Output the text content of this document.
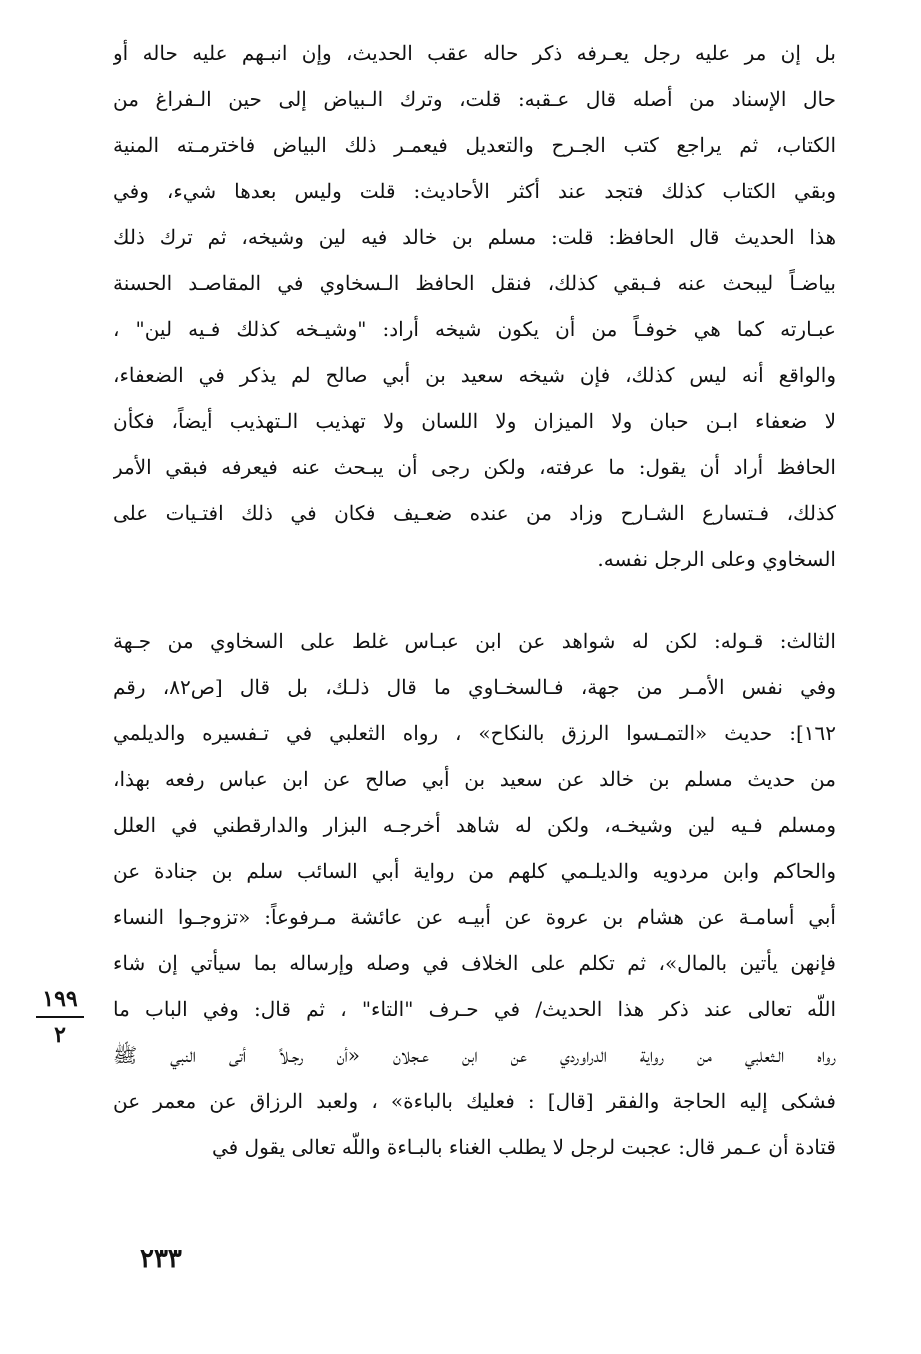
بل إن مر عليه رجل يعـرفه ذكر حاله عقب الحديث، وإن انبـهم عليه حاله أو
حال الإسناد من أصله قال عـقبه: قلت، وترك الـبياض إلى حين الـفراغ من
الكتاب، ثم يراجع كتب الجـرح والتعديل فيعمـر ذلك البياض فاخترمـته المنية
وبقي الكتاب كذلك فتجد عند أكثر الأحاديث: قلت وليس بعدها شيء، وفي
هذا الحديث قال الحافظ: قلت: مسلم بن خالد فيه لين وشيخه، ثم ترك ذلك
بياضـاً ليبحث عنه فـبقي كذلك، فنقل الحافظ الـسخاوي في المقاصـد الحسنة
عبـارته كما هي خوفـاً من أن يكون شيخه أراد: "وشيـخه كذلك فـيه لين" ،
والواقع أنه ليس كذلك، فإن شيخه سعيد بن أبي صالح لم يذكر في الضعفاء،
لا ضعفاء ابـن حبان ولا الميزان ولا اللسان ولا تهذيب الـتهذيب أيضاً، فكأن
الحافظ أراد أن يقول: ما عرفته، ولكن رجى أن يبـحث عنه فيعرفه فبقي الأمر
كذلك، فـتسارع الشـارح وزاد من عنده ضعـيف فكان في ذلك افتـيات على
السخاوي وعلى الرجل نفسه.
الثالث: قـوله: لكن له شواهد عن ابن عبـاس غلط على السخاوي من جـهة
وفي نفس الأمـر من جهة، فـالسخـاوي ما قال ذلـك، بل قال [ص٨٢، رقم
١٦٢]: حديث «التمـسوا الرزق بالنكاح» ، رواه الثعلبي في تـفسيره والديلمي
من حديث مسلم بن خالد عن سعيد بن أبي صالح عن ابن عباس رفعه بهذا،
ومسلم فـيه لين وشيخـه، ولكن له شاهد أخرجـه البزار والدارقطني في العلل
والحاكم وابن مردويه والديلـمي كلهم من رواية أبي السائب سلم بن جنادة عن
أبي أسامـة عن هشام بن عروة عن أبيـه عن عائشة مـرفوعاً: «تزوجـوا النساء
فإنهن يأتين بالمال»، ثم تكلم على الخلاف في وصله وإرساله بما سيأتي إن شاء
اللّه تعالى عند ذكر هذا الحديث/ في حـرف "التاء" ، ثم قال: وفي الباب ما
رواه الـثعلبي من رواية الدراوردي عن ابن عـجلان «أن رجـلاً أتى النبي ﷺ
فشكى إليه الحاجة والفقر [قال] : فعليك بالباءة» ، ولعبد الرزاق عن معمر عن
قتادة أن عـمر قال: عجبت لرجل لا يطلب الغناء بالبـاءة واللّه تعالى يقول في
١٩٩
٢
٢٣٣
